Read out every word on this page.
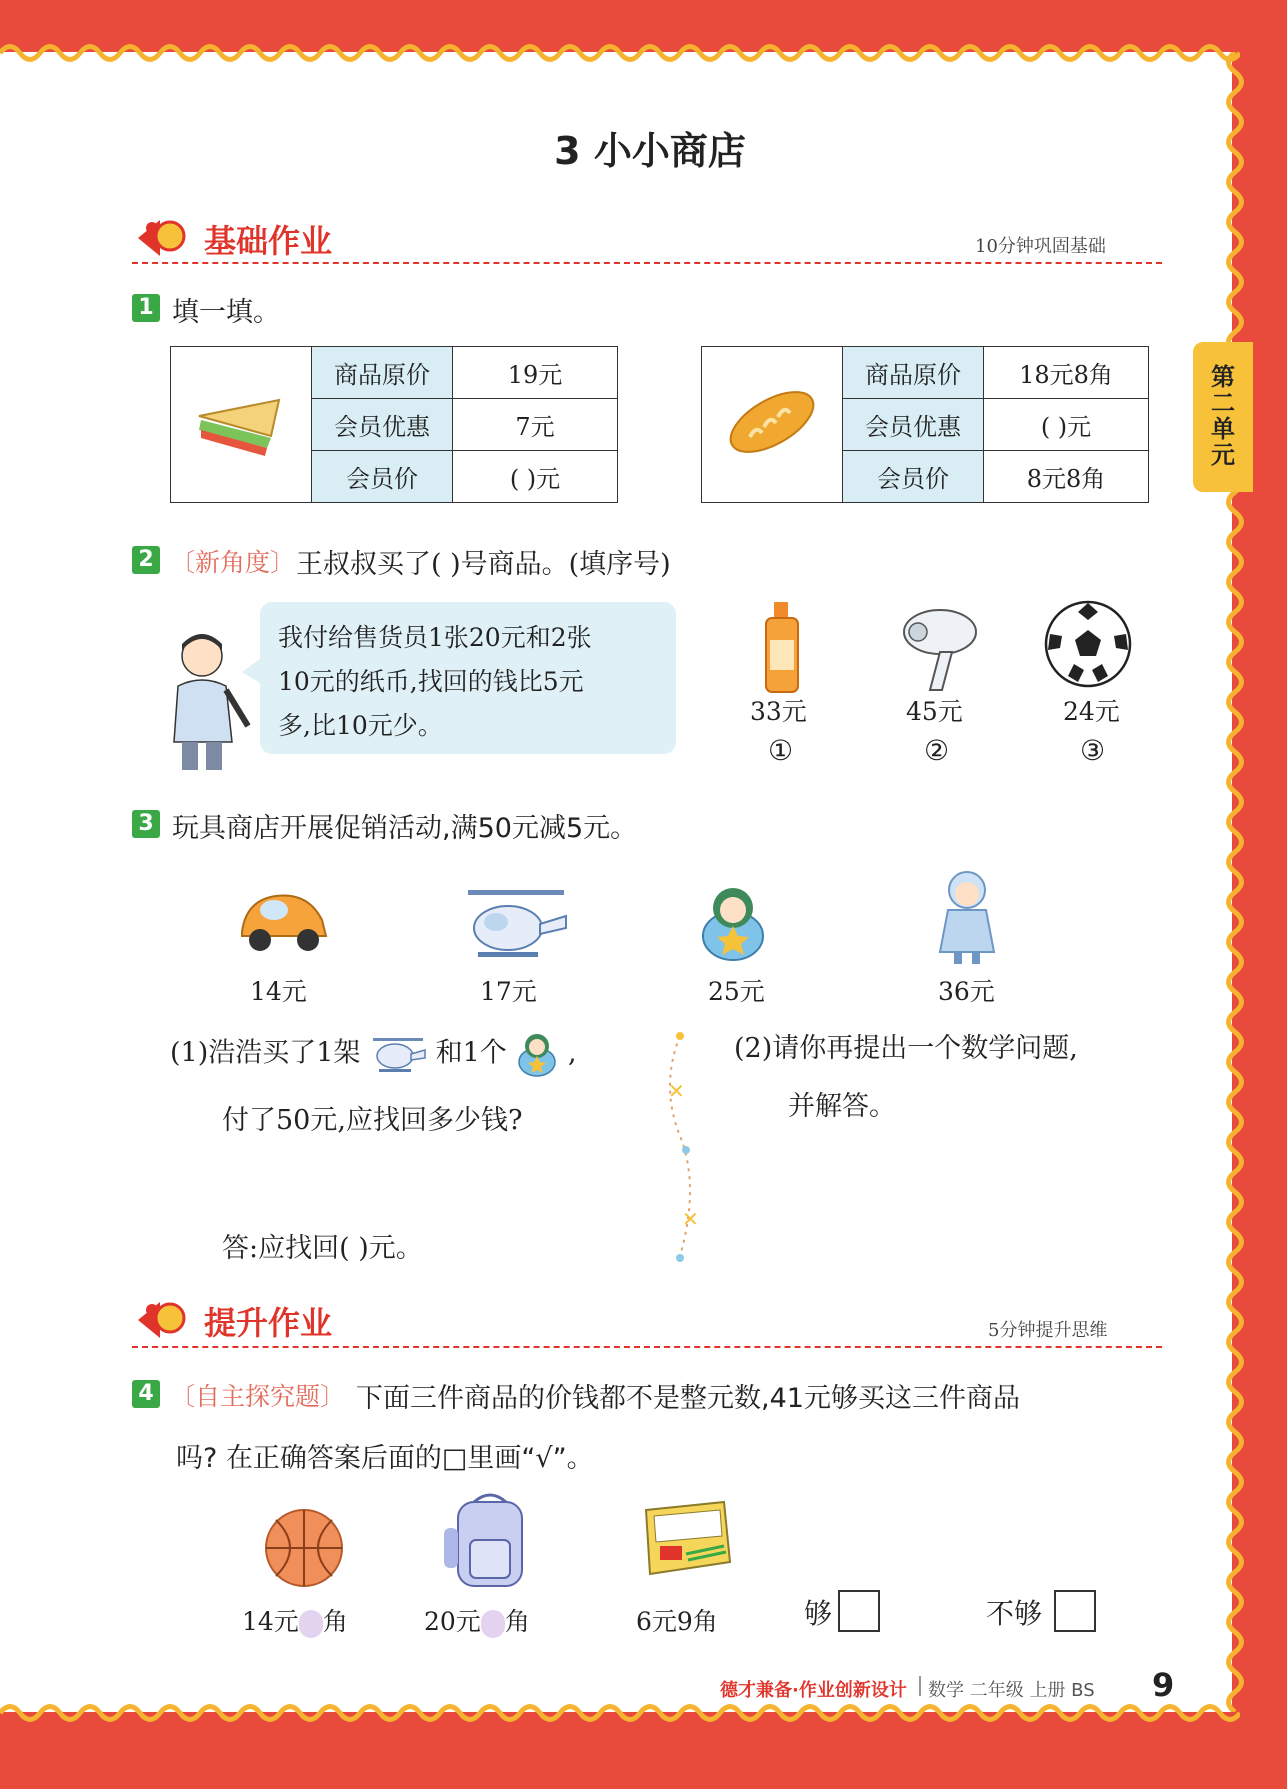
3 小小商店
第二单元
基础作业	10分钟巩固基础
1 填一填。
	商品原价	19元
	会员优惠	7元
	会员价	( )元
	商品原价	18元8角
	会员优惠	( )元
	会员价	8元8角
2 〔新角度〕 王叔叔买了( )号商品。(填序号)
我付给售货员1张20元和2张
10元的纸币,找回的钱比5元
多,比10元少。	33元
①
45元
②
24元
③
3 玩具商店开展促销活动,满50元减5元。
14元	17元	25元	36元
(1)浩浩买了1架	和1个 ,
付了50元,应找回多少钱?
答:应找回( )元。
✕
✕
(2)请你再提出一个数学问题,
并解答。
提升作业	5分钟提升思维
4 〔自主探究题〕 下面三件商品的价钱都不是整元数,41元够买这三件商品
吗? 在正确答案后面的□里画“√”。
14元 角	20元 角	6元9角	够	不够
德才兼备·作业创新设计 数学 二年级 上册 BS 9
